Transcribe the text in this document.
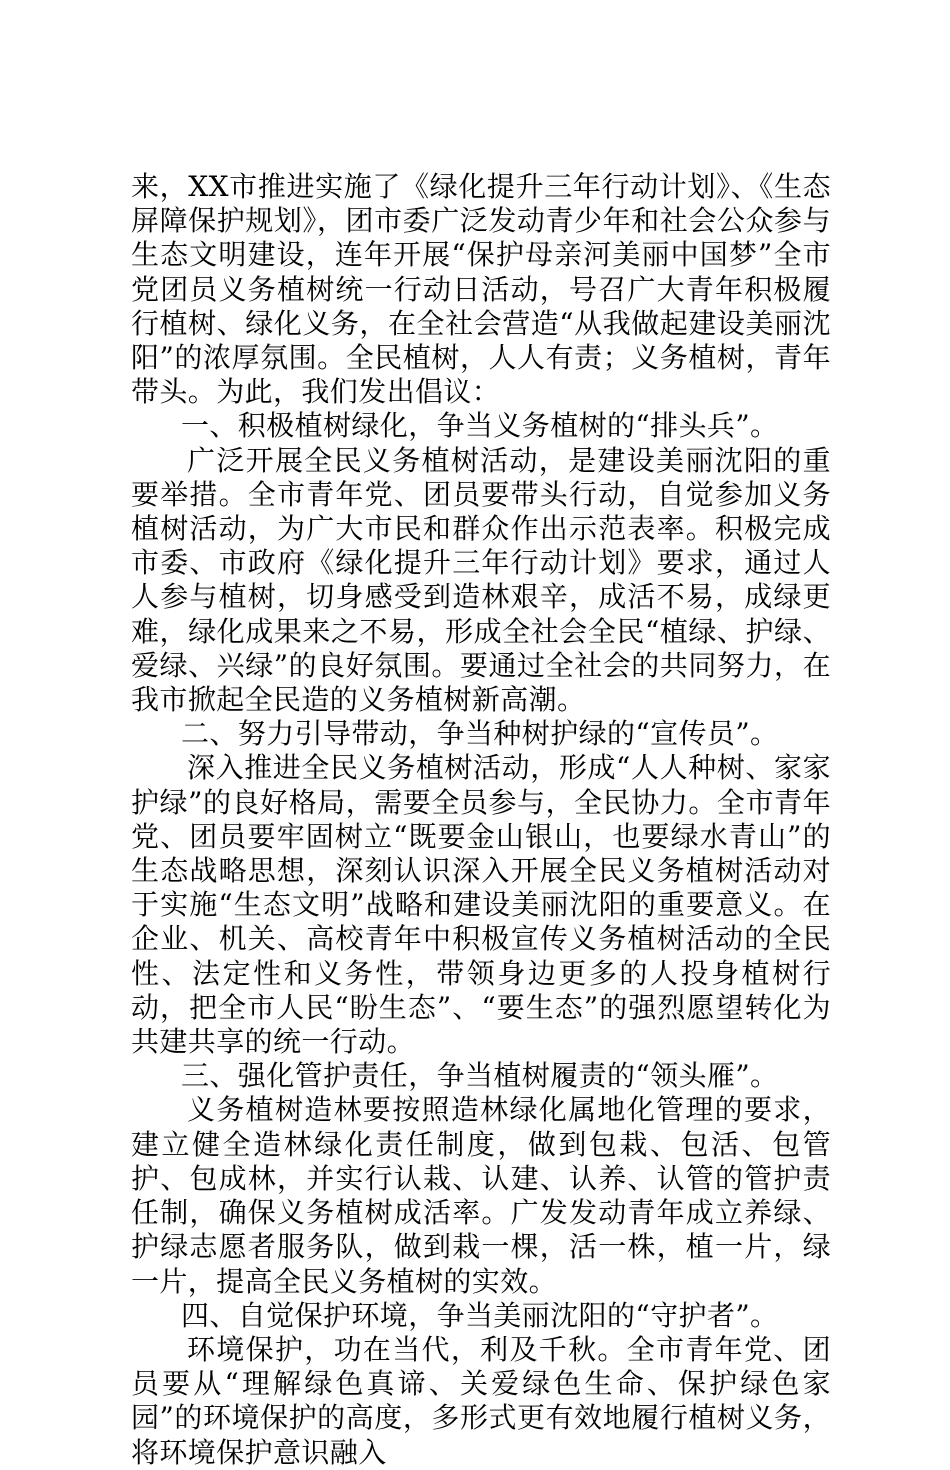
来，XX市推进实施了《绿化提升三年行动计划》、《生态屏障保护规划》，团市委广泛发动青少年和社会公众参与生态文明建设，连年开展“保护母亲河美丽中国梦”全市党团员义务植树统一行动日活动，号召广大青年积极履行植树、绿化义务，在全社会营造“从我做起建设美丽沈阳”的浓厚氛围。全民植树，人人有责；义务植树，青年带头。为此，我们发出倡议：

一、积极植树绿化，争当义务植树的“排头兵”。

广泛开展全民义务植树活动，是建设美丽沈阳的重要举措。全市青年党、团员要带头行动，自觉参加义务植树活动，为广大市民和群众作出示范表率。积极完成市委、市政府《绿化提升三年行动计划》要求，通过人人参与植树，切身感受到造林艰辛，成活不易，成绿更难，绿化成果来之不易，形成全社会全民“植绿、护绿、爱绿、兴绿”的良好氛围。要通过全社会的共同努力，在我市掀起全民造的义务植树新高潮。

二、努力引导带动，争当种树护绿的“宣传员”。

深入推进全民义务植树活动，形成“人人种树、家家护绿”的良好格局，需要全员参与，全民协力。全市青年党、团员要牢固树立“既要金山银山，也要绿水青山”的生态战略思想，深刻认识深入开展全民义务植树活动对于实施“生态文明”战略和建设美丽沈阳的重要意义。在企业、机关、高校青年中积极宣传义务植树活动的全民性、法定性和义务性，带领身边更多的人投身植树行动，把全市人民“盼生态”、“要生态”的强烈愿望转化为共建共享的统一行动。

三、强化管护责任，争当植树履责的“领头雁”。

义务植树造林要按照造林绿化属地化管理的要求，建立健全造林绿化责任制度，做到包栽、包活、包管护、包成林，并实行认栽、认建、认养、认管的管护责任制，确保义务植树成活率。广发发动青年成立养绿、护绿志愿者服务队，做到栽一棵，活一株，植一片，绿一片，提高全民义务植树的实效。

四、自觉保护环境，争当美丽沈阳的“守护者”。

环境保护，功在当代，利及千秋。全市青年党、团员要从“理解绿色真谛、关爱绿色生命、保护绿色家园”的环境保护的高度，多形式更有效地履行植树义务，将环境保护意识融入
